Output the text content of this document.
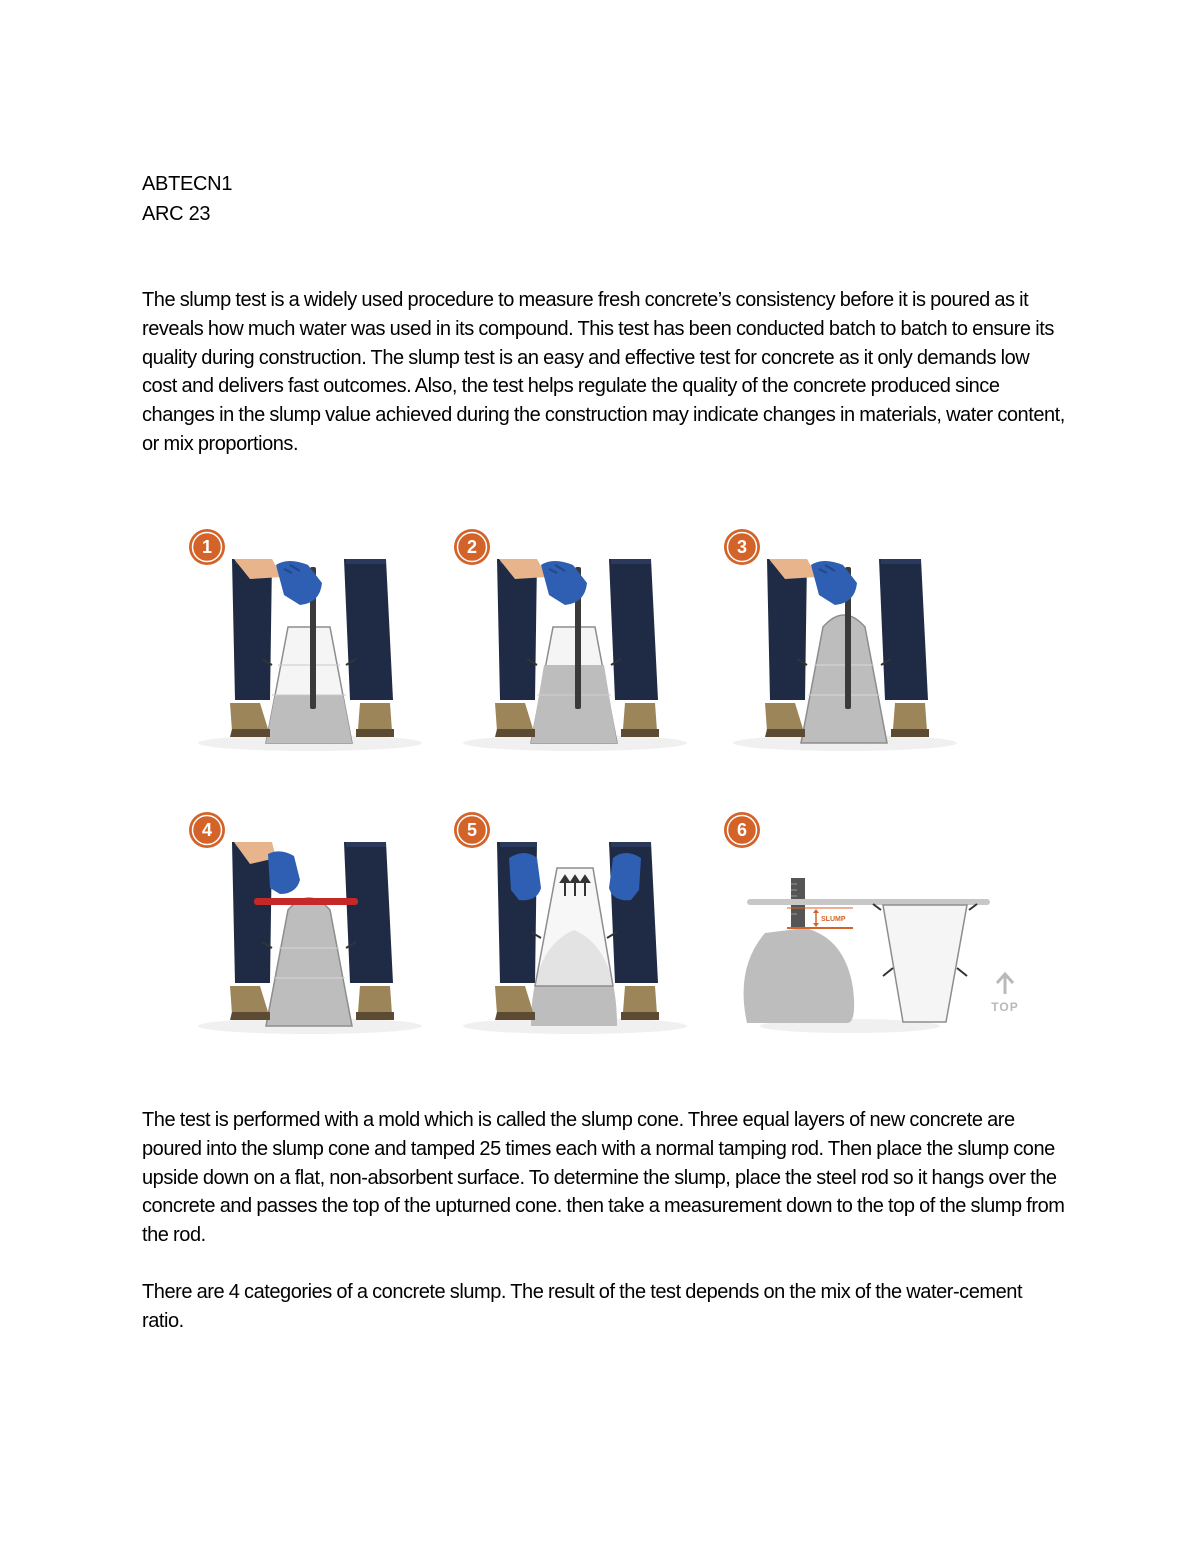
ABTECN1
ARC 23

The slump test is a widely used procedure to measure fresh concrete’s consistency before it is poured as it reveals how much water was used in its compound. This test has been conducted batch to batch to ensure its quality during construction. The slump test is an easy and effective test for concrete as it only demands low cost and delivers fast outcomes. Also, the test helps regulate the quality of the concrete produced since changes in the slump value achieved during the construction may indicate changes in materials, water content, or mix proportions.

1	2	3
4	5
SLUMP
TOP
6

The test is performed with a mold which is called the slump cone. Three equal layers of new concrete are poured into the slump cone and tamped 25 times each with a normal tamping rod. Then place the slump cone upside down on a flat, non-absorbent surface. To determine the slump, place the steel rod so it hangs over the concrete and passes the top of the upturned cone. then take a measurement down to the top of the slump from the rod.

There are 4 categories of a concrete slump. The result of the test depends on the mix of the water-cement ratio.
